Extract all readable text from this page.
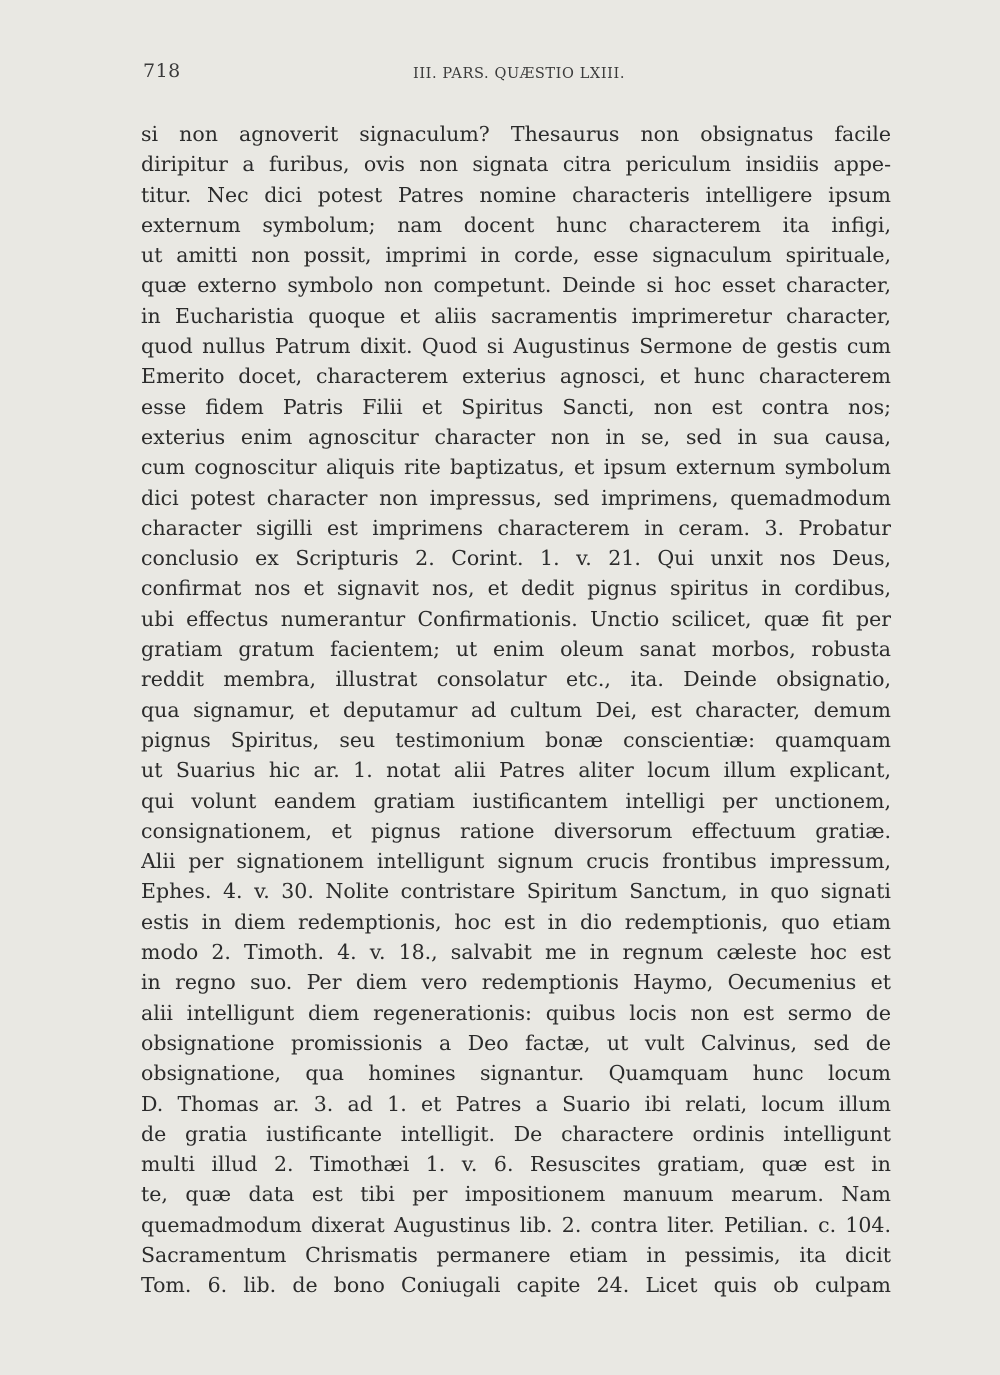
718	III. PARS. QUÆSTIO LXIII.
si non agnoverit signaculum? Thesaurus non obsignatus facile
diripitur a furibus, ovis non signata citra periculum insidiis appe-
titur. Nec dici potest Patres nomine characteris intelligere ipsum
externum symbolum; nam docent hunc characterem ita infigi,
ut amitti non possit, imprimi in corde, esse signaculum spirituale,
quæ externo symbolo non competunt. Deinde si hoc esset character,
in Eucharistia quoque et aliis sacramentis imprimeretur character,
quod nullus Patrum dixit. Quod si Augustinus Sermone de gestis cum
Emerito docet, characterem exterius agnosci, et hunc characterem
esse fidem Patris Filii et Spiritus Sancti, non est contra nos;
exterius enim agnoscitur character non in se, sed in sua causa,
cum cognoscitur aliquis rite baptizatus, et ipsum externum symbolum
dici potest character non impressus, sed imprimens, quemadmodum
character sigilli est imprimens characterem in ceram. 3. Probatur
conclusio ex Scripturis 2. Corint. 1. v. 21. Qui unxit nos Deus,
confirmat nos et signavit nos, et dedit pignus spiritus in cordibus,
ubi effectus numerantur Confirmationis. Unctio scilicet, quæ fit per
gratiam gratum facientem; ut enim oleum sanat morbos, robusta
reddit membra, illustrat consolatur etc., ita. Deinde obsignatio,
qua signamur, et deputamur ad cultum Dei, est character, demum
pignus Spiritus, seu testimonium bonæ conscientiæ: quamquam
ut Suarius hic ar. 1. notat alii Patres aliter locum illum explicant,
qui volunt eandem gratiam iustificantem intelligi per unctionem,
consignationem, et pignus ratione diversorum effectuum gratiæ.
Alii per signationem intelligunt signum crucis frontibus impressum,
Ephes. 4. v. 30. Nolite contristare Spiritum Sanctum, in quo signati
estis in diem redemptionis, hoc est in dio redemptionis, quo etiam
modo 2. Timoth. 4. v. 18., salvabit me in regnum cæleste hoc est
in regno suo. Per diem vero redemptionis Haymo, Oecumenius et
alii intelligunt diem regenerationis: quibus locis non est sermo de
obsignatione promissionis a Deo factæ, ut vult Calvinus, sed de
obsignatione, qua homines signantur. Quamquam hunc locum
D. Thomas ar. 3. ad 1. et Patres a Suario ibi relati, locum illum
de gratia iustificante intelligit. De charactere ordinis intelligunt
multi illud 2. Timothæi 1. v. 6. Resuscites gratiam, quæ est in
te, quæ data est tibi per impositionem manuum mearum. Nam
quemadmodum dixerat Augustinus lib. 2. contra liter. Petilian. c. 104.
Sacramentum Chrismatis permanere etiam in pessimis, ita dicit
Tom. 6. lib. de bono Coniugali capite 24. Licet quis ob culpam
